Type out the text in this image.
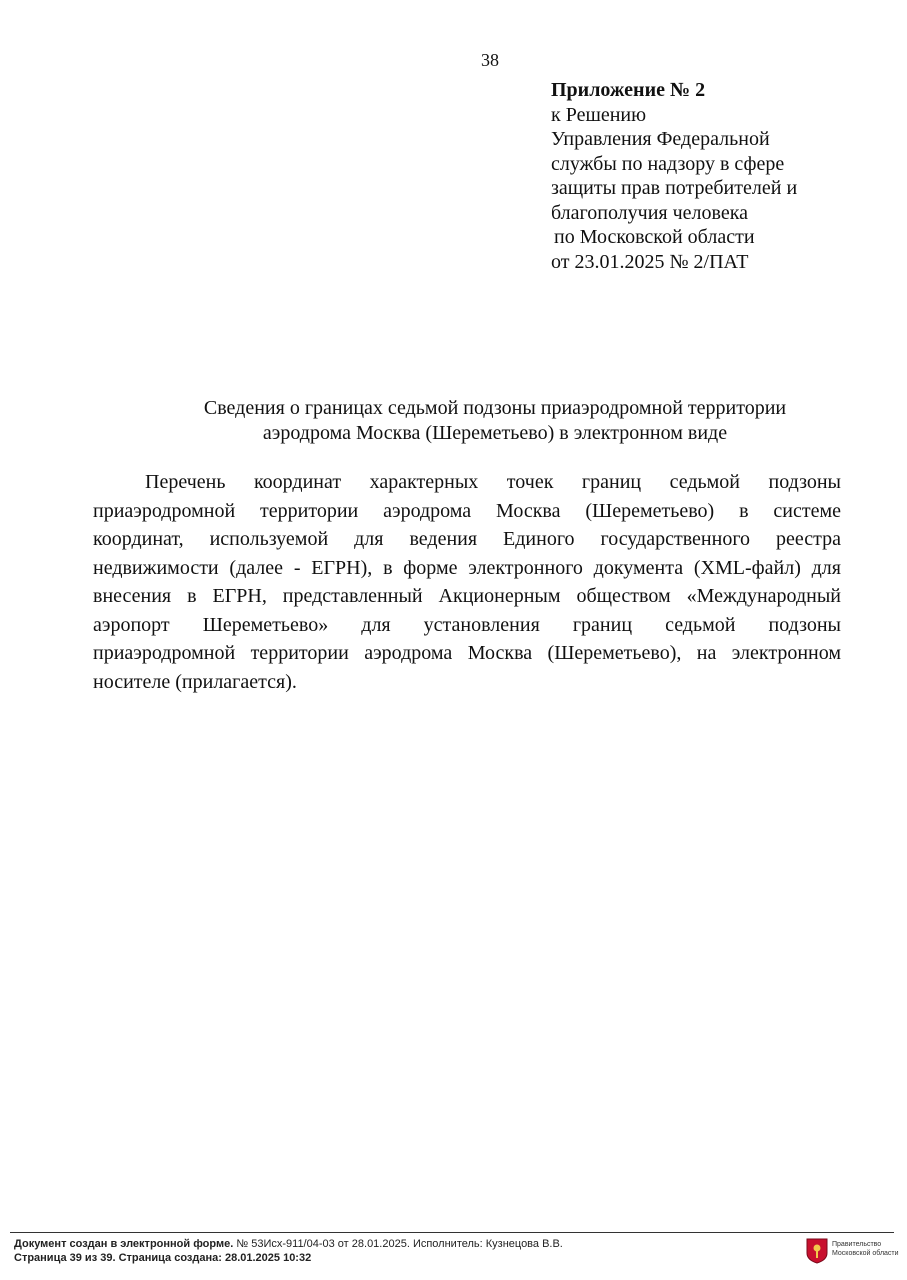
38
Приложение № 2
к Решению
Управления Федеральной
службы по надзору в сфере
защиты прав потребителей и
благополучия человека
по Московской области
от 23.01.2025 № 2/ПАТ
Сведения о границах седьмой подзоны приаэродромной территории
аэродрома Москва (Шереметьево) в электронном виде
Перечень координат характерных точек границ седьмой подзоны
приаэродромной территории аэродрома Москва (Шереметьево) в системе
координат, используемой для ведения Единого государственного реестра
недвижимости (далее - ЕГРН), в форме электронного документа (XML-файл) для
внесения в ЕГРН, представленный Акционерным обществом «Международный
аэропорт Шереметьево» для установления границ седьмой подзоны
приаэродромной территории аэродрома Москва (Шереметьево), на электронном
носителе (прилагается).
Документ создан в электронной форме. № 53Исх-911/04-03 от 28.01.2025. Исполнитель: Кузнецова В.В.
Страница 39 из 39. Страница создана: 28.01.2025 10:32
Правительство
Московской области
